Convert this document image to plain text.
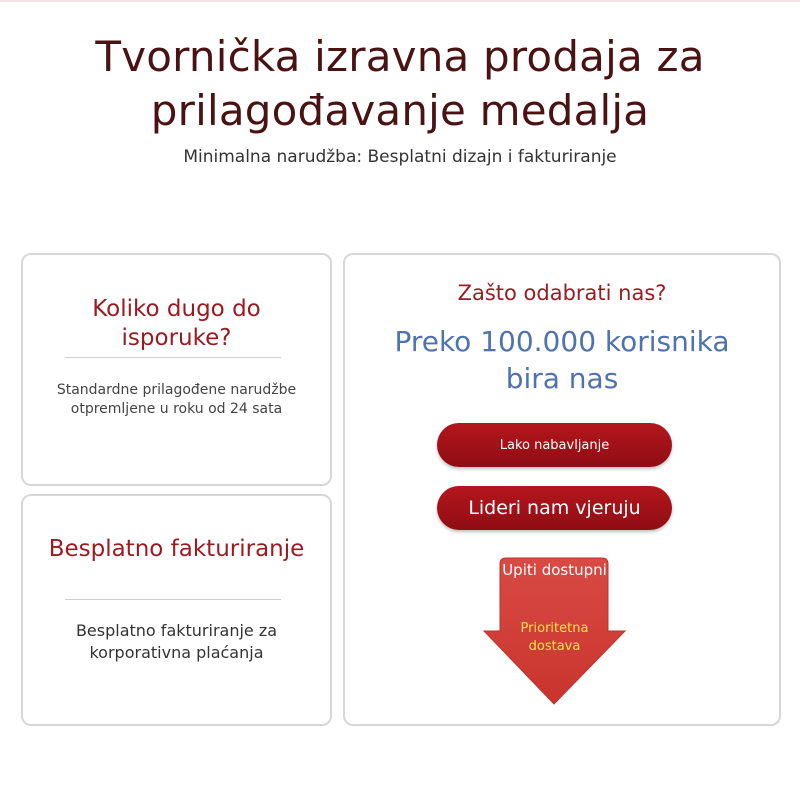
Tvornička izravna prodaja za prilagođavanje medalja
Minimalna narudžba: Besplatni dizajn i fakturiranje
Koliko dugo do isporuke?
Standardne prilagođene narudžbe otpremljene u roku od 24 sata
Besplatno fakturiranje
Besplatno fakturiranje za korporativna plaćanja
Zašto odabrati nas?
Preko 100.000 korisnika bira nas
Lako nabavljanje
Lideri nam vjeruju
Upiti dostupni
Prioritetna dostava
